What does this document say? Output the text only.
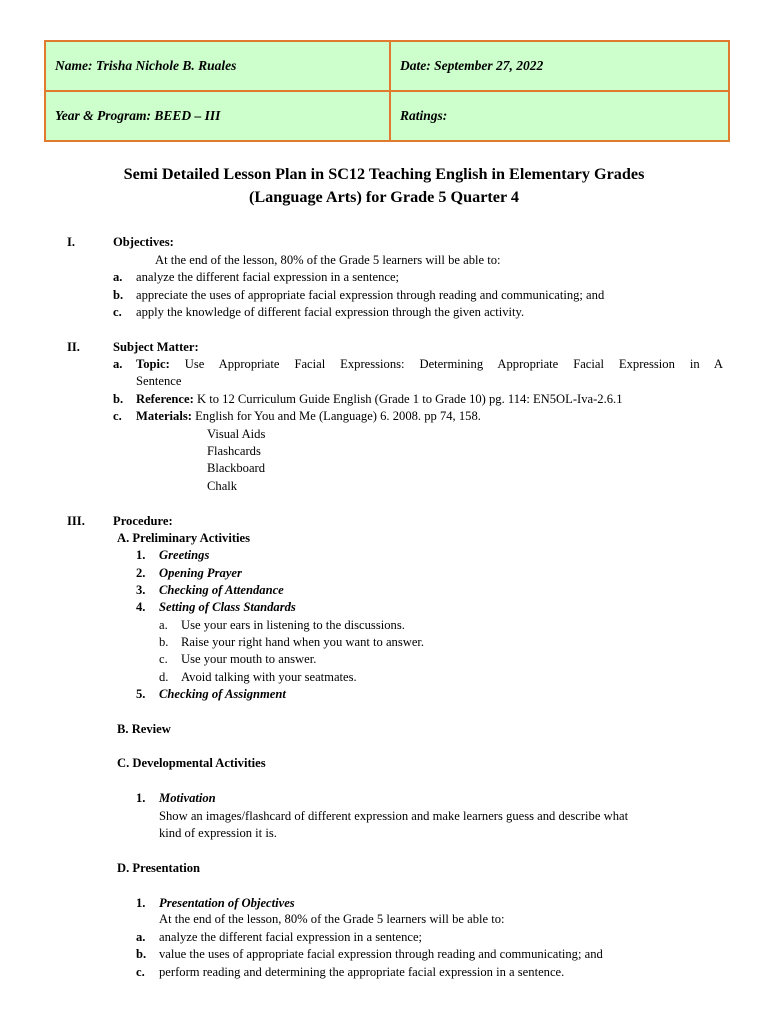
Name: Trisha Nichole B. Ruales	Date: September 27, 2022
Year & Program: BEED – III	Ratings:
Semi Detailed Lesson Plan in SC12 Teaching English in Elementary Grades
(Language Arts) for Grade 5 Quarter 4
I.	Objectives:
At the end of the lesson, 80% of the Grade 5 learners will be able to:
a. analyze the different facial expression in a sentence;
b. appreciate the uses of appropriate facial expression through reading and communicating; and
c. apply the knowledge of different facial expression through the given activity.
II.	Subject Matter:
a. Topic: Use Appropriate Facial Expressions: Determining Appropriate Facial Expression in A
Sentence
b. Reference: K to 12 Curriculum Guide English (Grade 1 to Grade 10) pg. 114: EN5OL-Iva-2.6.1
c. Materials: English for You and Me (Language) 6. 2008. pp 74, 158.
Visual Aids
Flashcards
Blackboard
Chalk
III. Procedure:
A. Preliminary Activities
1. Greetings
2. Opening Prayer
3. Checking of Attendance
4. Setting of Class Standards
a. Use your ears in listening to the discussions.
b. Raise your right hand when you want to answer.
c. Use your mouth to answer.
d. Avoid talking with your seatmates.
5. Checking of Assignment
B. Review
C. Developmental Activities
1. Motivation
Show an images/flashcard of different expression and make learners guess and describe what
kind of expression it is.
D. Presentation
1. Presentation of Objectives
At the end of the lesson, 80% of the Grade 5 learners will be able to:
a. analyze the different facial expression in a sentence;
b. value the uses of appropriate facial expression through reading and communicating; and
c. perform reading and determining the appropriate facial expression in a sentence.
